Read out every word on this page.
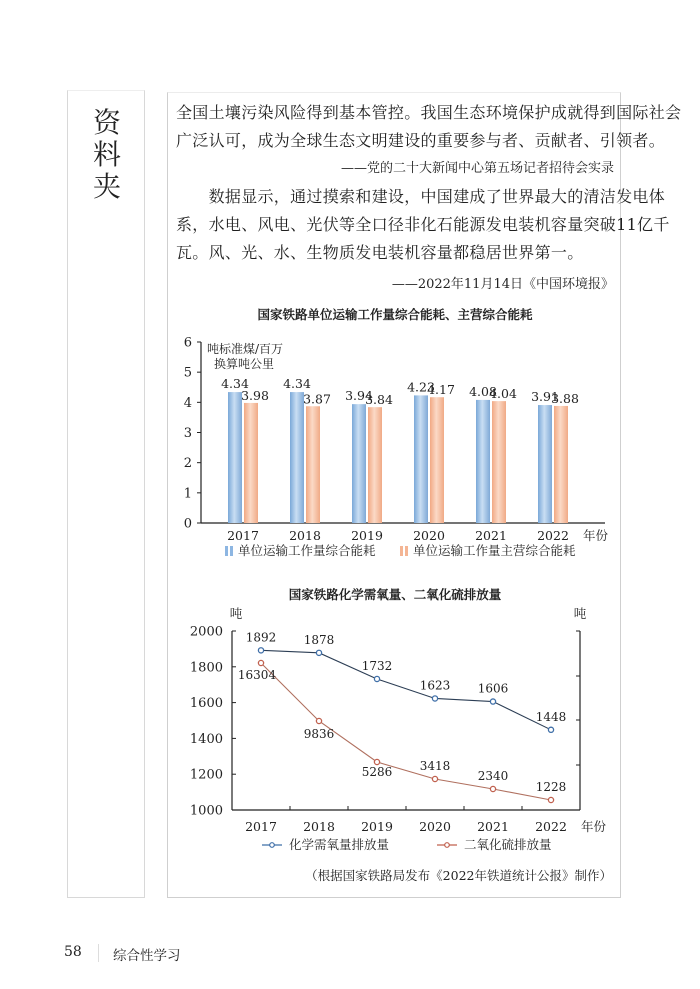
资
料
夹
全国土壤污染风险得到基本管控。我国生态环境保护成就得到国际社会
广泛认可，成为全球生态文明建设的重要参与者、贡献者、引领者。
——党的二十大新闻中心第五场记者招待会实录
　　数据显示，通过摸索和建设，中国建成了世界最大的清洁发电体
系，水电、风电、光伏等全口径非化石能源发电装机容量突破11亿千
瓦。风、光、水、生物质发电装机容量都稳居世界第一。
——2022年11月14日《中国环境报》
国家铁路单位运输工作量综合能耗、主营综合能耗
国家铁路化学需氧量、二氧化硫排放量
（根据国家铁路局发布《2022年铁道统计公报》制作）
0
1
2
3
4
5
6 吨标准煤/百万
换算吨公里
4.34
3.98
2017
4.34
3.87
2018
3.94
3.84
2019
4.23
4.17
2020
4.08
4.04
2021
3.91
3.88
2022 年份
单位运输工作量综合能耗	单位运输工作量主营综合能耗
1000
1200
1400
1600
1800
2000
吨	吨
2017 2018 2019 2020 2021 2022 年份
1892 1878
1732
1623 1606
1448
16304
9836
5286 3418
2340
1228
化学需氧量排放量	二氧化硫排放量
58 综合性学习
